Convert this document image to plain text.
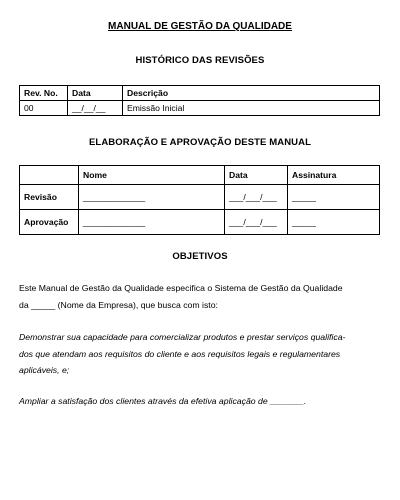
MANUAL DE GESTÃO DA QUALIDADE
HISTÓRICO DAS REVISÕES
Rev. No.	Data	Descrição
00	__/__/__	Emissão Inicial
ELABORAÇÃO E APROVAÇÃO DESTE MANUAL
	Nome	Data	Assinatura
Revisão	_____________	___/___/___	_____
Aprovação	_____________	___/___/___	_____
OBJETIVOS

Este Manual de Gestão da Qualidade especifica o Sistema de Gestão da Qualidade

da _____ (Nome da Empresa), que busca com isto:

Demonstrar sua capacidade para comercializar produtos e prestar serviços qualifica-

dos que atendam aos requisitos do cliente e aos requisitos legais e regulamentares

aplicáveis, e;

Ampliar a satisfação dos clientes através da efetiva aplicação de _______.
